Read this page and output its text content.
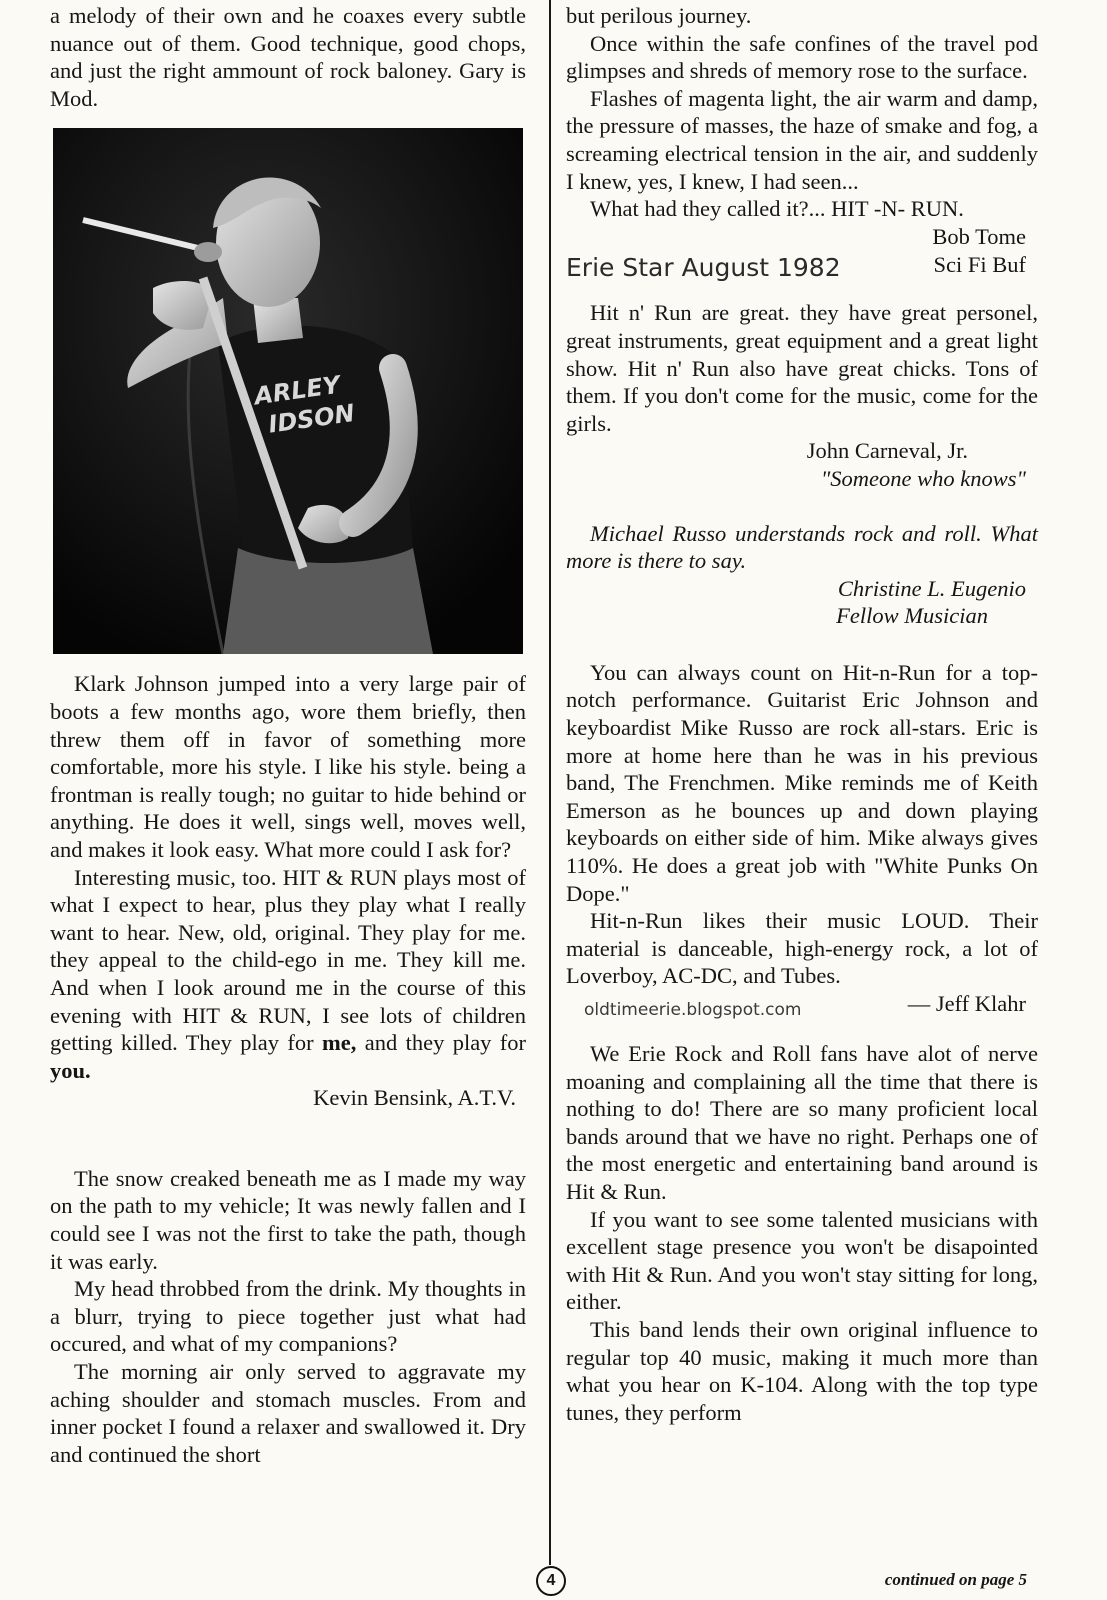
a melody of their own and he coaxes every subtle nuance out of them. Good technique, good chops, and just the right ammount of rock baloney. Gary is Mod.

ARLEY
IDSON

Klark Johnson jumped into a very large pair of boots a few months ago, wore them briefly, then threw them off in favor of something more comfortable, more his style. I like his style. being a frontman is really tough; no guitar to hide behind or anything. He does it well, sings well, moves well, and makes it look easy. What more could I ask for?

Interesting music, too. HIT & RUN plays most of what I expect to hear, plus they play what I really want to hear. New, old, original. They play for me. they appeal to the child-ego in me. They kill me. And when I look around me in the course of this evening with HIT & RUN, I see lots of children getting killed. They play for me, and they play for you.

Kevin Bensink, A.T.V.

The snow creaked beneath me as I made my way on the path to my vehicle; It was newly fallen and I could see I was not the first to take the path, though it was early.

My head throbbed from the drink. My thoughts in a blurr, trying to piece together just what had occured, and what of my companions?

The morning air only served to aggravate my aching shoulder and stomach muscles. From and inner pocket I found a relaxer and swallowed it. Dry and continued the short

but perilous journey.

Once within the safe confines of the travel pod glimpses and shreds of memory rose to the surface.

Flashes of magenta light, the air warm and damp, the pressure of masses, the haze of smake and fog, a screaming electrical tension in the air, and suddenly I knew, yes, I knew, I had seen...

What had they called it?... HIT -N- RUN.

Bob Tome

Erie Star August 1982	Sci Fi Buf

Hit n' Run are great. they have great personel, great instruments, great equipment and a great light show. Hit n' Run also have great chicks. Tons of them. If you don't come for the music, come for the girls.

John Carneval, Jr.

"Someone who knows"

Michael Russo understands rock and roll. What more is there to say.

Christine L. Eugenio

Fellow Musician

You can always count on Hit-n-Run for a top-notch performance. Guitarist Eric Johnson and keyboardist Mike Russo are rock all-stars. Eric is more at home here than he was in his previous band, The Frenchmen. Mike reminds me of Keith Emerson as he bounces up and down playing keyboards on either side of him. Mike always gives 110%. He does a great job with "White Punks On Dope."

Hit-n-Run likes their music LOUD. Their material is danceable, high-energy rock, a lot of Loverboy, AC-DC, and Tubes.

oldtimeerie.blogspot.com	— Jeff Klahr

We Erie Rock and Roll fans have alot of nerve moaning and complaining all the time that there is nothing to do! There are so many proficient local bands around that we have no right. Perhaps one of the most energetic and entertaining band around is Hit & Run.

If you want to see some talented musicians with excellent stage presence you won't be disapointed with Hit & Run. And you won't stay sitting for long, either.

This band lends their own original influence to regular top 40 music, making it much more than what you hear on K-104. Along with the top type tunes, they perform

4	continued on page 5
